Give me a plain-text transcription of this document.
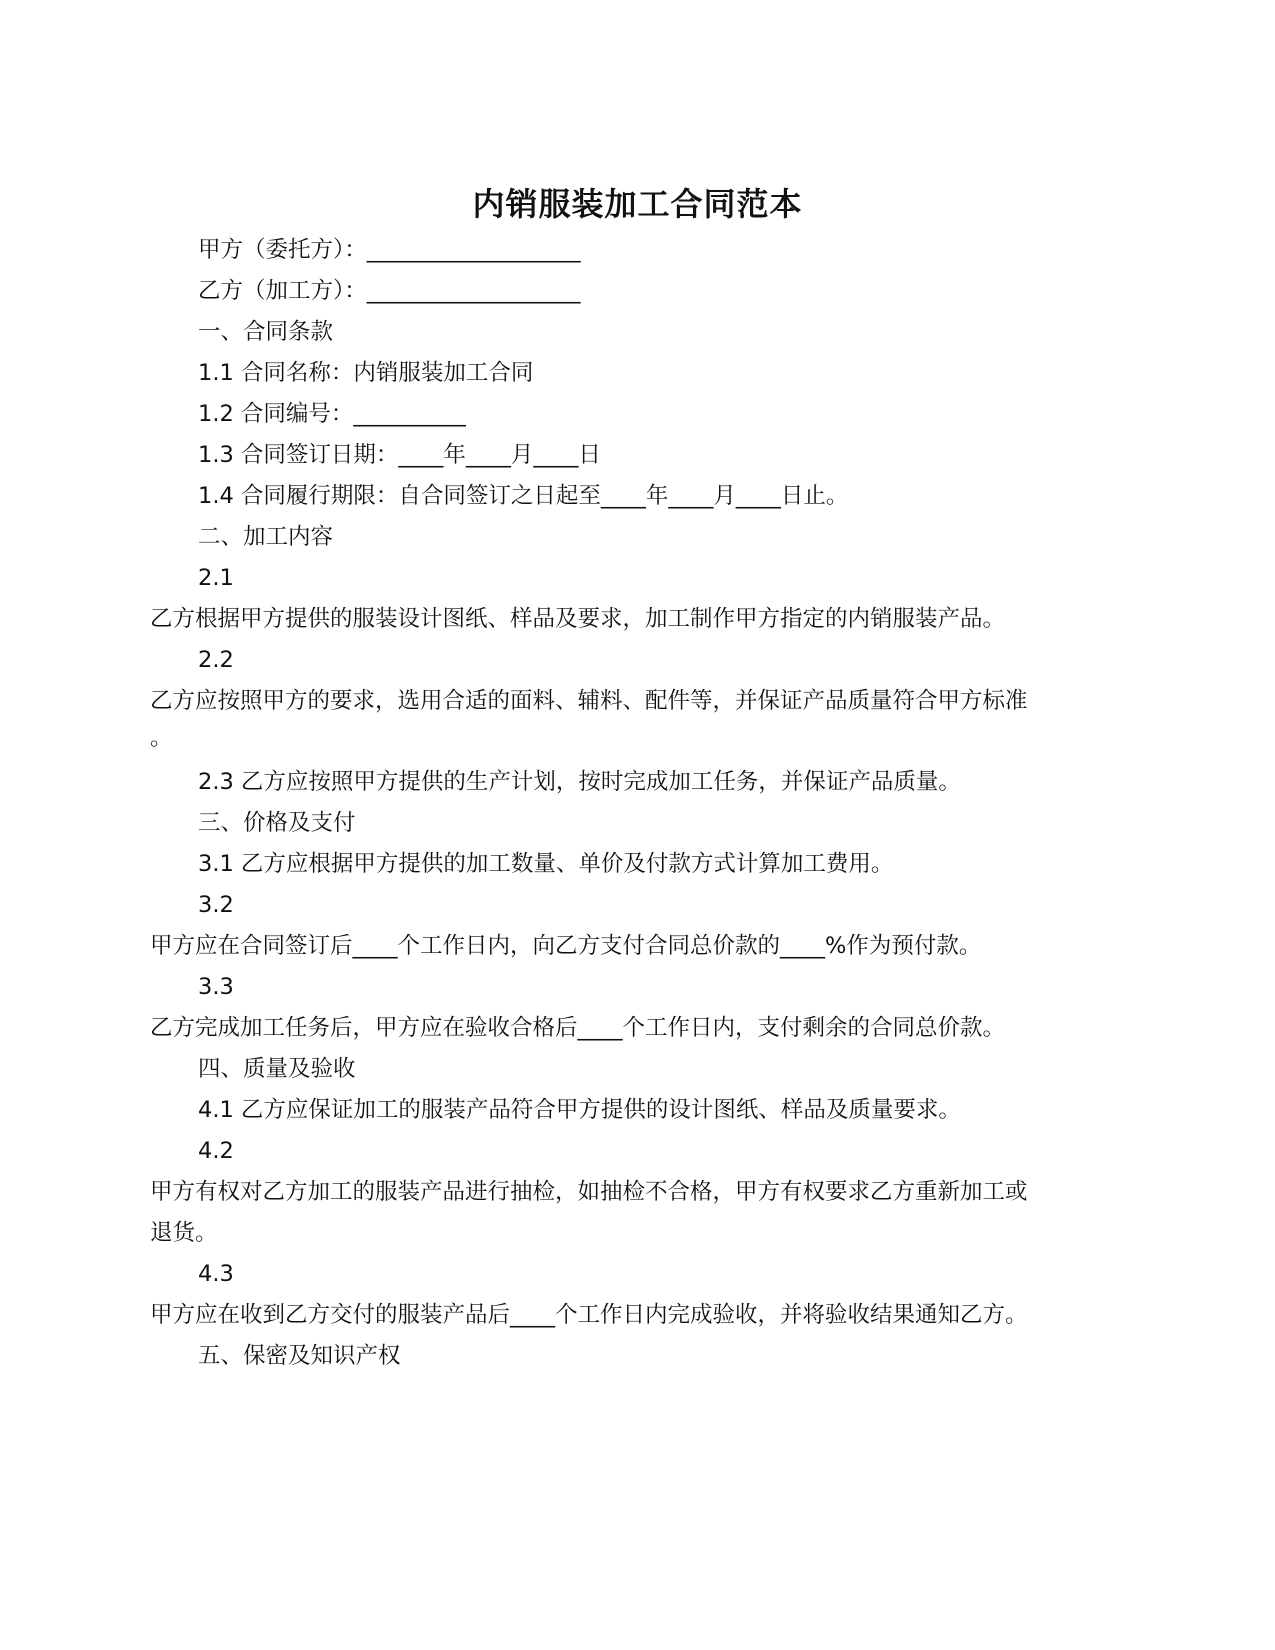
内销服装加工合同范本
甲方（委托方）：___________________
乙方（加工方）：___________________
一、合同条款
1.1 合同名称：内销服装加工合同
1.2 合同编号：__________
1.3 合同签订日期：____年____月____日
1.4 合同履行期限：自合同签订之日起至____年____月____日止。
二、加工内容
2.1
乙方根据甲方提供的服装设计图纸、样品及要求，加工制作甲方指定的内销服装产品。
2.2
乙方应按照甲方的要求，选用合适的面料、辅料、配件等，并保证产品质量符合甲方标准
。
2.3 乙方应按照甲方提供的生产计划，按时完成加工任务，并保证产品质量。
三、价格及支付
3.1 乙方应根据甲方提供的加工数量、单价及付款方式计算加工费用。
3.2
甲方应在合同签订后____个工作日内，向乙方支付合同总价款的____%作为预付款。
3.3
乙方完成加工任务后，甲方应在验收合格后____个工作日内，支付剩余的合同总价款。
四、质量及验收
4.1 乙方应保证加工的服装产品符合甲方提供的设计图纸、样品及质量要求。
4.2
甲方有权对乙方加工的服装产品进行抽检，如抽检不合格，甲方有权要求乙方重新加工或
退货。
4.3
甲方应在收到乙方交付的服装产品后____个工作日内完成验收，并将验收结果通知乙方。
五、保密及知识产权
